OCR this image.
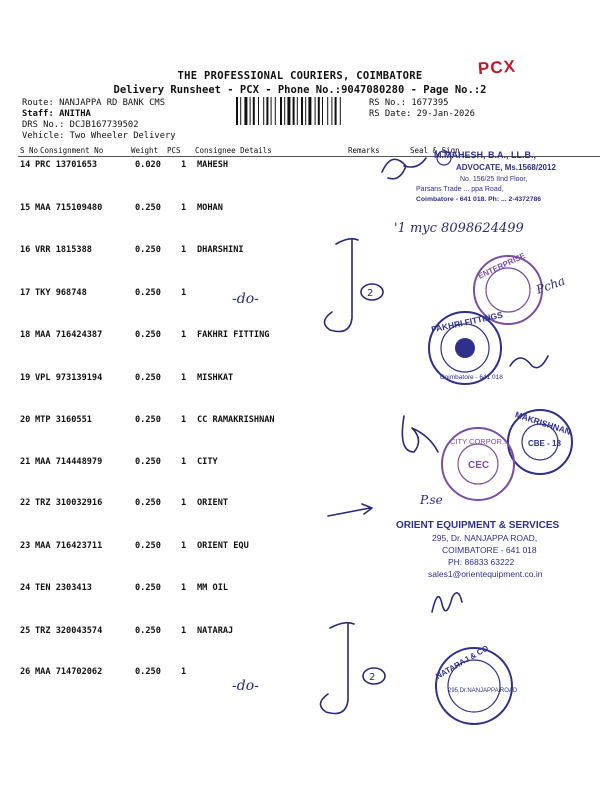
THE PROFESSIONAL COURIERS, COIMBATORE
Delivery Runsheet - PCX - Phone No.:9047080280 - Page No.:2
PCX
Route: NANJAPPA RD BANK CMS
Staff: ANITHA
DRS No.: DCJB167739502
Vehicle: Two Wheeler Delivery
RS No.: 1677395
RS Date: 29-Jan-2026
S No Consignment No	Weight PCS Consignee Details	Remarks	Seal & Sign
14 PRC 13701653	0.020 1 MAHESH
15 MAA 715109480	0.250 1 MOHAN
16 VRR 1815388	0.250 1 DHARSHINI
17 TKY 968748	0.250 1
18 MAA 716424387	0.250 1 FAKHRI FITTING
19 VPL 973139194	0.250 1 MISHKAT
20 MTP 3160551	0.250 1 CC RAMAKRISHNAN
21 MAA 714448979	0.250 1 CITY
22 TRZ 310032916	0.250 1 ORIENT
23 MAA 716423711	0.250 1 ORIENT EQU
24 TEN 2303413	0.250 1 MM OIL
25 TRZ 320043574	0.250 1 NATARAJ
26 MAA 714702062	0.250 1
-do-
-do-
2
2
M.MAHESH, B.A., LL.B.,
ADVOCATE, Ms.1568/2012
No. 156/25 IInd Floor,
Parsans Trade ... ppa Road,
Coimbatore - 641 018. Ph: ... 2-4372786
'1 myc 8098624499
ENTERPRISE
Pcha
FAKHRI FITTINGS
Coimbatore - 641 018
MAKRISHNAN
CBE - 18
CITY CORPOR...
CEC
P.se
ORIENT EQUIPMENT & SERVICES
295, Dr. NANJAPPA ROAD,
COIMBATORE - 641 018
PH: 86833 63222
sales1@orientequipment.co.in
NATARAJ & CO
295,Dr.NANJAPPA ROAD
